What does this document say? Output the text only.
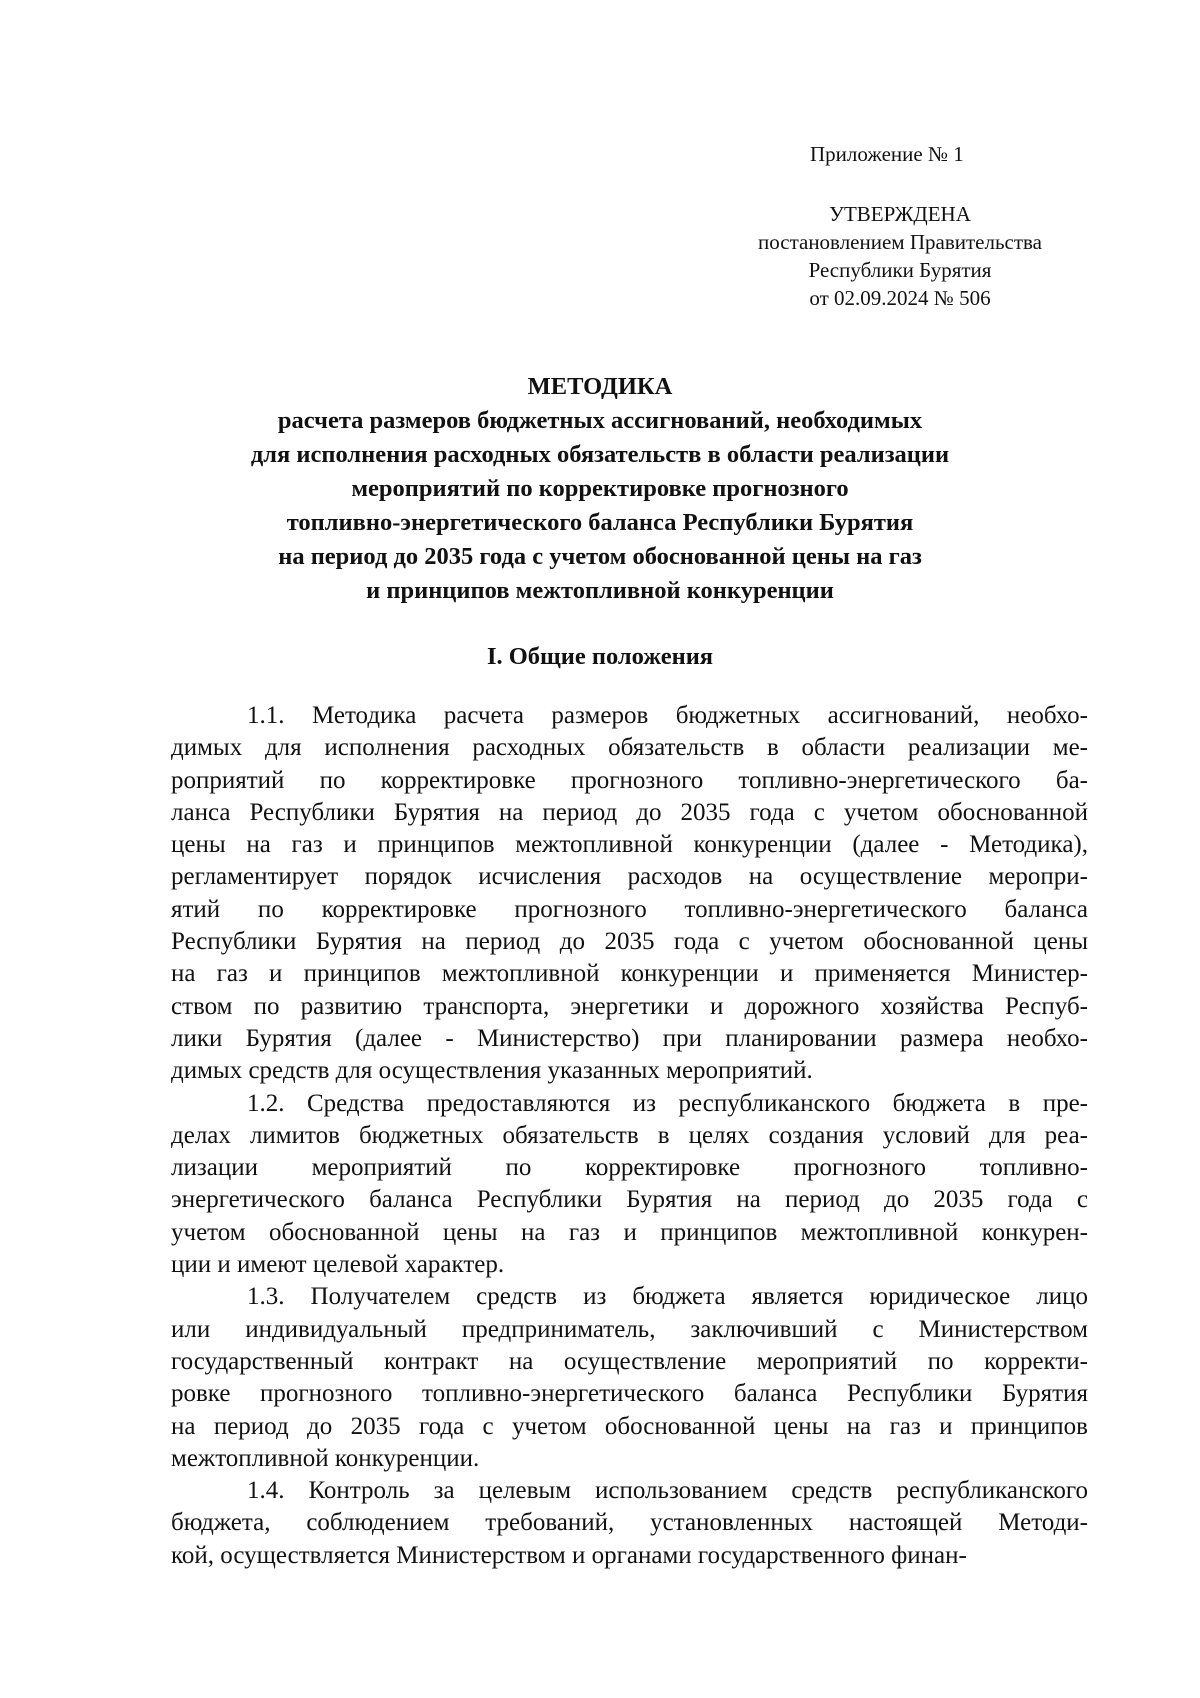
Приложение № 1
УТВЕРЖДЕНА
постановлением Правительства
Республики Бурятия
от 02.09.2024 № 506
МЕТОДИКА
расчета размеров бюджетных ассигнований, необходимых
для исполнения расходных обязательств в области реализации
мероприятий по корректировке прогнозного
топливно-энергетического баланса Республики Бурятия
на период до 2035 года с учетом обоснованной цены на газ
и принципов межтопливной конкуренции
I. Общие положения
1.1. Методика расчета размеров бюджетных ассигнований, необхо-
димых для исполнения расходных обязательств в области реализации ме-
роприятий по корректировке прогнозного топливно-энергетического ба-
ланса Республики Бурятия на период до 2035 года с учетом обоснованной
цены на газ и принципов межтопливной конкуренции (далее - Методика),
регламентирует порядок исчисления расходов на осуществление меропри-
ятий по корректировке прогнозного топливно-энергетического баланса
Республики Бурятия на период до 2035 года с учетом обоснованной цены
на газ и принципов межтопливной конкуренции и применяется Министер-
ством по развитию транспорта, энергетики и дорожного хозяйства Респуб-
лики Бурятия (далее - Министерство) при планировании размера необхо-
димых средств для осуществления указанных мероприятий.
1.2. Средства предоставляются из республиканского бюджета в пре-
делах лимитов бюджетных обязательств в целях создания условий для реа-
лизации мероприятий по корректировке прогнозного топливно-
энергетического баланса Республики Бурятия на период до 2035 года с
учетом обоснованной цены на газ и принципов межтопливной конкурен-
ции и имеют целевой характер.
1.3. Получателем средств из бюджета является юридическое лицо
или индивидуальный предприниматель, заключивший с Министерством
государственный контракт на осуществление мероприятий по корректи-
ровке прогнозного топливно-энергетического баланса Республики Бурятия
на период до 2035 года с учетом обоснованной цены на газ и принципов
межтопливной конкуренции.
1.4. Контроль за целевым использованием средств республиканского
бюджета, соблюдением требований, установленных настоящей Методи-
кой, осуществляется Министерством и органами государственного финан-
